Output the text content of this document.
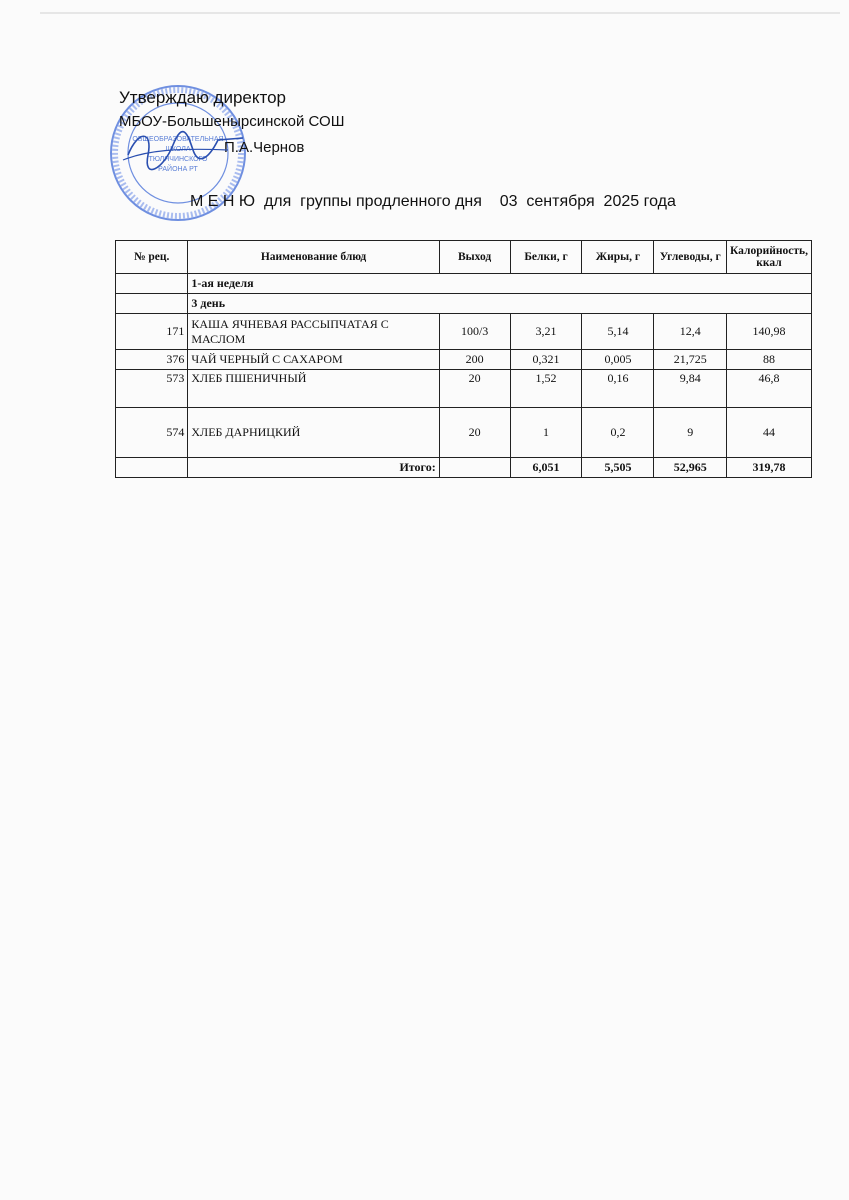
ОБЩЕОБРАЗОВАТЕЛЬНАЯ
ШКОЛА
ТЮЛЯЧИНСКОГО
РАЙОНА РТ
Утверждаю директор
МБОУ-Большенырсинской СОШ
П.А.Чернов
М Е Н Ю  для  группы продленного дня    03  сентября  2025 года
№ рец.	Наименование блюд	Выход	Белки, г	Жиры, г	Углеводы, г	Калорийность, ккал
	1-ая неделя					
	3 день					
171	КАША ЯЧНЕВАЯ РАССЫПЧАТАЯ С МАСЛОМ	100/3	3,21	5,14	12,4	140,98
376	ЧАЙ ЧЕРНЫЙ С САХАРОМ	200	0,321	0,005	21,725	88
573	ХЛЕБ ПШЕНИЧНЫЙ	20	1,52	0,16	9,84	46,8
574	ХЛЕБ ДАРНИЦКИЙ	20	1	0,2	9	44
	Итого:		6,051	5,505	52,965	319,78
